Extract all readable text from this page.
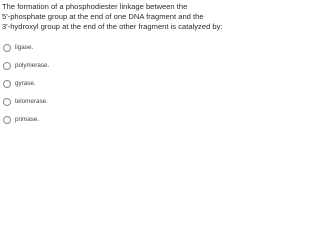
The formation of a phosphodiester linkage between the
5'-phosphate group at the end of one DNA fragment and the
3'-hydroxyl group at the end of the other fragment is catalyzed by:
ligase.
polymerase.
gyrase.
telomerase.
primase.
